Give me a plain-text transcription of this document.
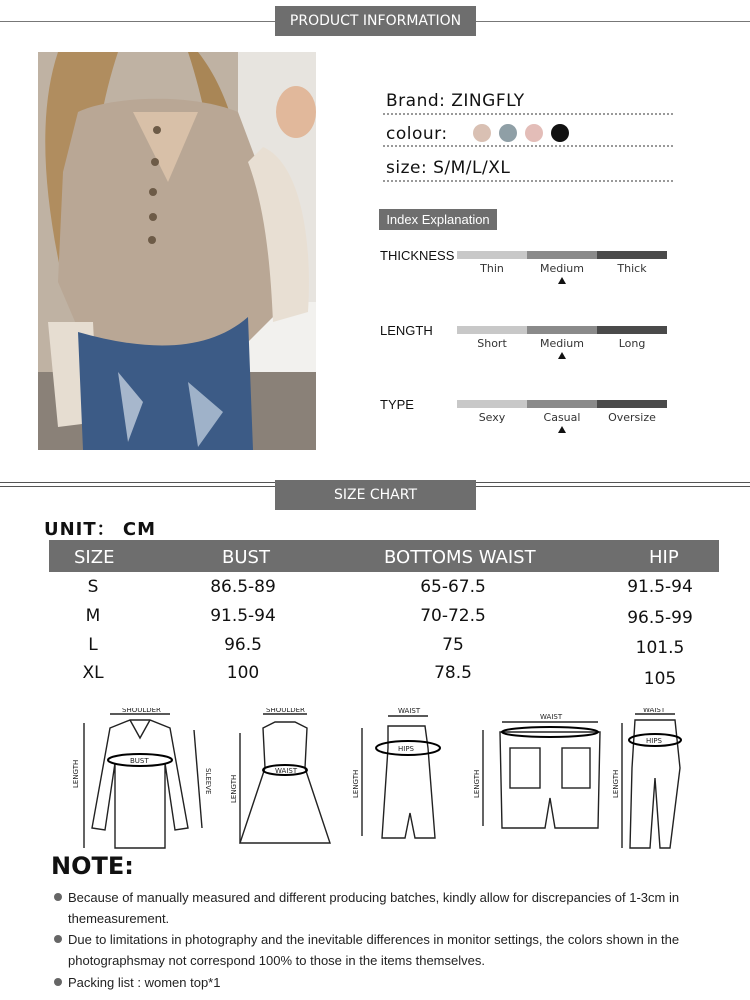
PRODUCT INFORMATION
Brand: ZINGFLY
colour:
size: S/M/L/XL
Index Explanation
THICKNESS
Thin	Medium	Thick
LENGTH
Short	Medium	Long
TYPE
Sexy	Casual	Oversize
SIZE CHART
UNIT： CM
SIZE	BUST	BOTTOMS WAIST	HIP
S	86.5-89	65-67.5	91.5-94
M	91.5-94	70-72.5	96.5-99
L	96.5	75	101.5
XL	100	78.5	105
SHOULDER
BUST
LENGTH	SLEEVE
SHOULDER
WAIST
LENGTH
WAIST
HIPS
LENGTH
WAIST
LENGTH
WAIST
HIPS
LENGTH
NOTE:
Because of manually measured and different producing batches, kindly allow for discrepancies of 1-3cm in
themeasurement.
Due to limitations in photography and the inevitable differences in monitor settings, the colors shown in the
photographsmay not correspond 100% to those in the items themselves.
Packing list : women top*1
